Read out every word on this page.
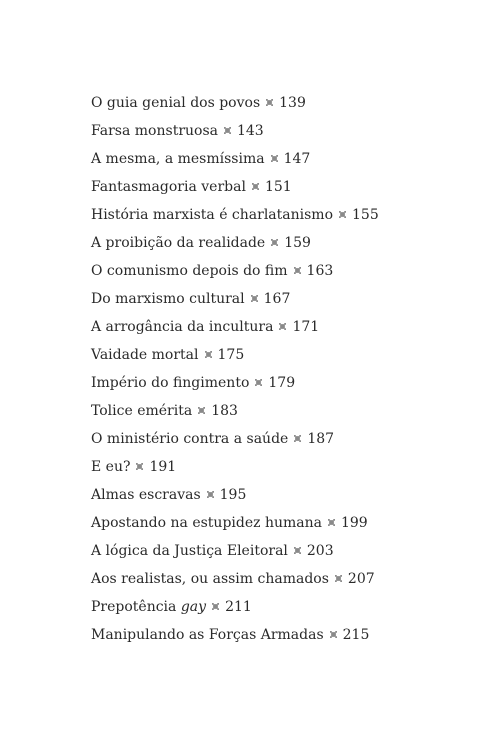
O guia genial dos povos 139
Farsa monstruosa 143
A mesma, a mesmíssima 147
Fantasmagoria verbal 151
História marxista é charlatanismo 155
A proibição da realidade 159
O comunismo depois do fim 163
Do marxismo cultural 167
A arrogância da incultura 171
Vaidade mortal 175
Império do fingimento 179
Tolice emérita 183
O ministério contra a saúde 187
E eu? 191
Almas escravas 195
Apostando na estupidez humana 199
A lógica da Justiça Eleitoral 203
Aos realistas, ou assim chamados 207
Prepotência gay 211
Manipulando as Forças Armadas 215
